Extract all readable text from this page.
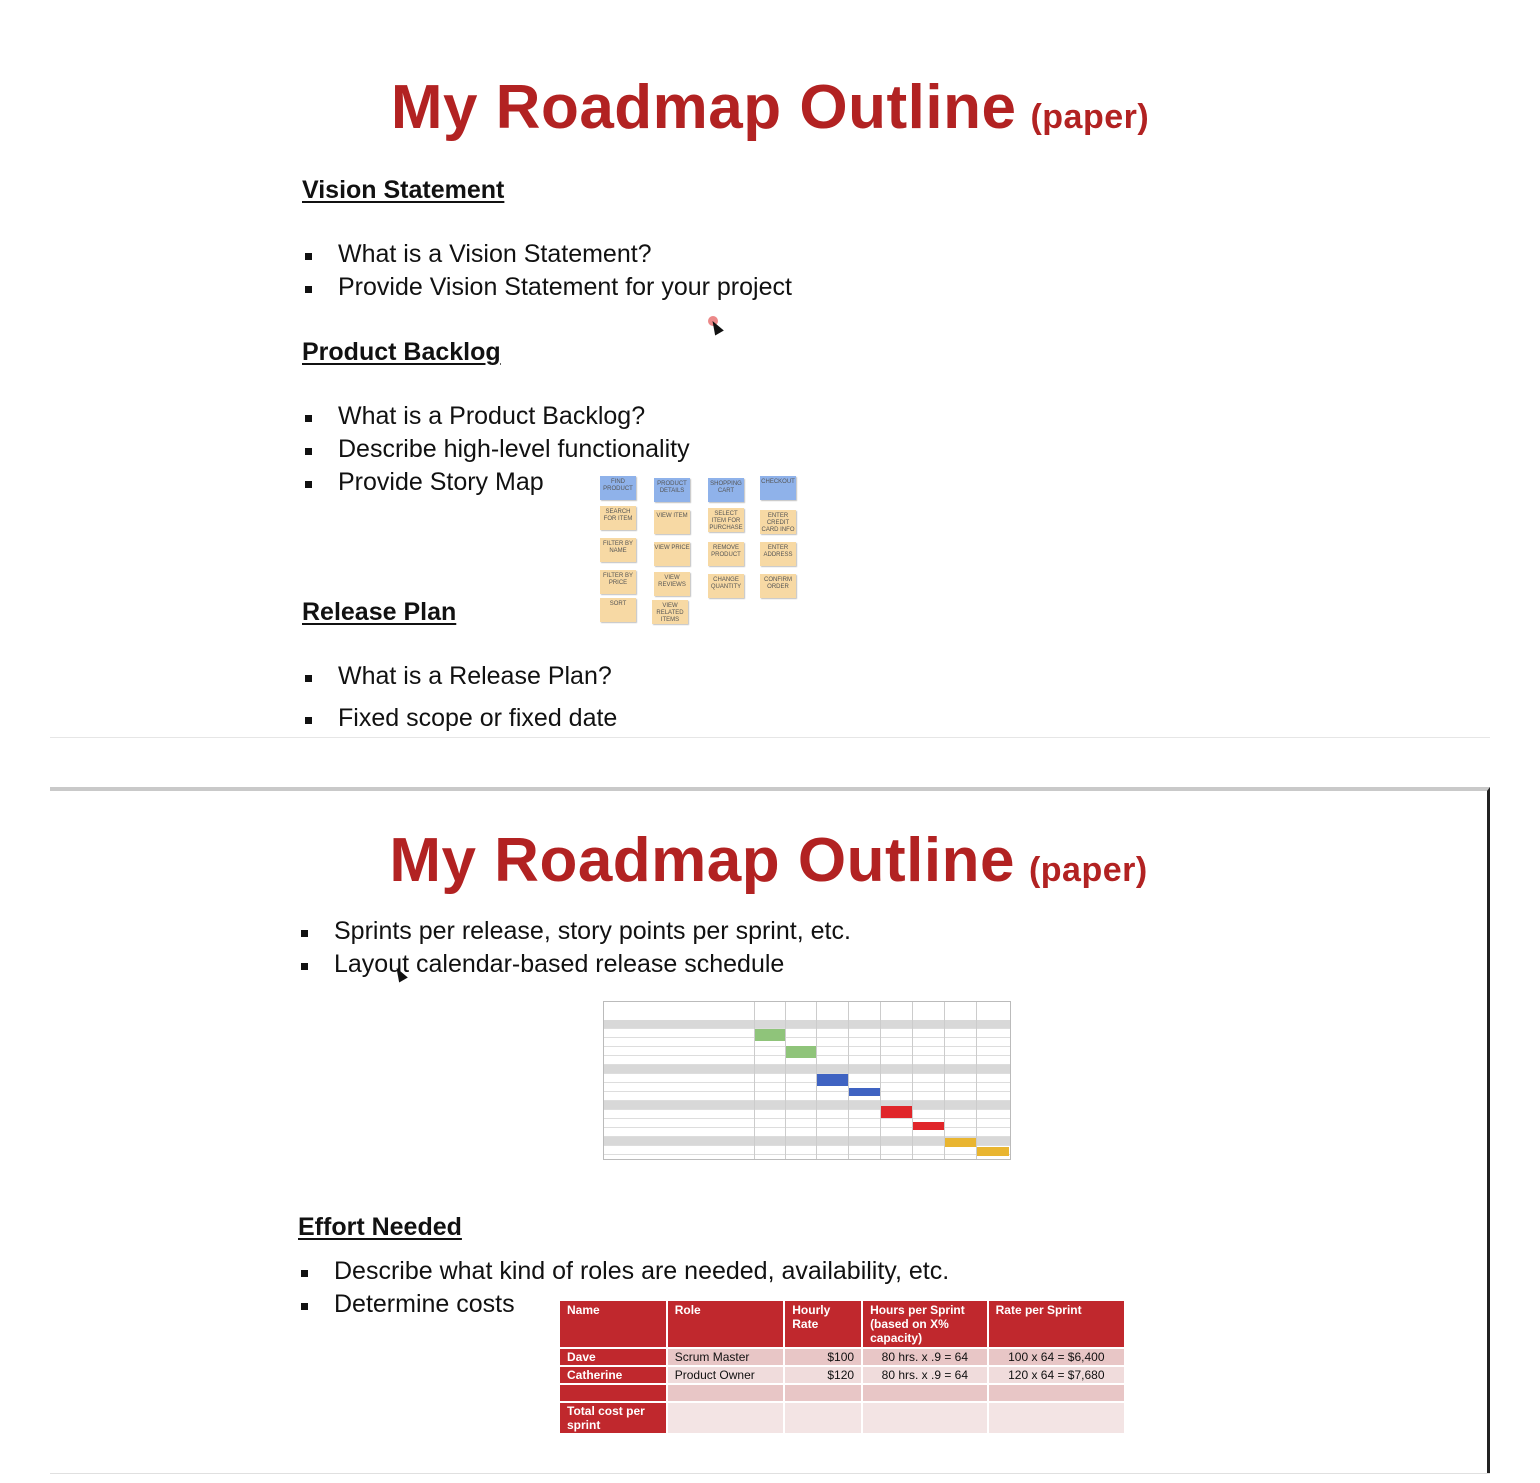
My Roadmap Outline (paper)
Vision Statement
What is a Vision Statement?
Provide Vision Statement for your project
Product Backlog
What is a Product Backlog?
Describe high-level functionality
Provide Story Map	FIND PRODUCT
PRODUCT DETAILS
SHOPPING CART
CHECKOUT
SEARCH FOR ITEM	VIEW ITEM	SELECT ITEM FOR PURCHASE
ENTER CREDIT CARD INFO
FILTER BY NAME	VIEW PRICE	REMOVE PRODUCT
ENTER ADDRESS
FILTER BY PRICE
VIEW REVIEWS
CHANGE QUANTITY
CONFIRM ORDER
SORT	VIEW RELATED ITEMS
Release Plan
What is a Release Plan?
Fixed scope or fixed date
My Roadmap Outline (paper)
Sprints per release, story points per sprint, etc.
Layout calendar-based release schedule
Effort Needed
Describe what kind of roles are needed, availability, etc.
Determine costs	Name	Role	Hourly Rate	Hours per Sprint (based on X% capacity)	Rate per Sprint
Dave	Scrum Master	$100	80 hrs. x .9 = 64	100 x 64 = $6,400
Catherine	Product Owner	$120	80 hrs. x .9 = 64	120 x 64 = $7,680

Total cost per sprint				
